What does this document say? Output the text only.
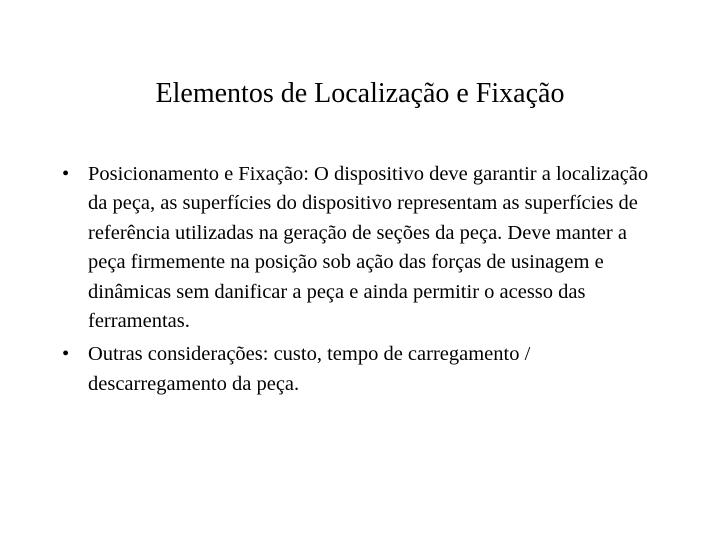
Elementos de Localização e Fixação
• Posicionamento e Fixação: O dispositivo deve garantir a localização da peça, as superfícies do dispositivo representam as superfícies de referência utilizadas na geração de seções da peça. Deve manter a peça firmemente na posição sob ação das forças de usinagem e dinâmicas sem danificar a peça e ainda permitir o acesso das ferramentas.
• Outras considerações: custo, tempo de carregamento / descarregamento da peça.
